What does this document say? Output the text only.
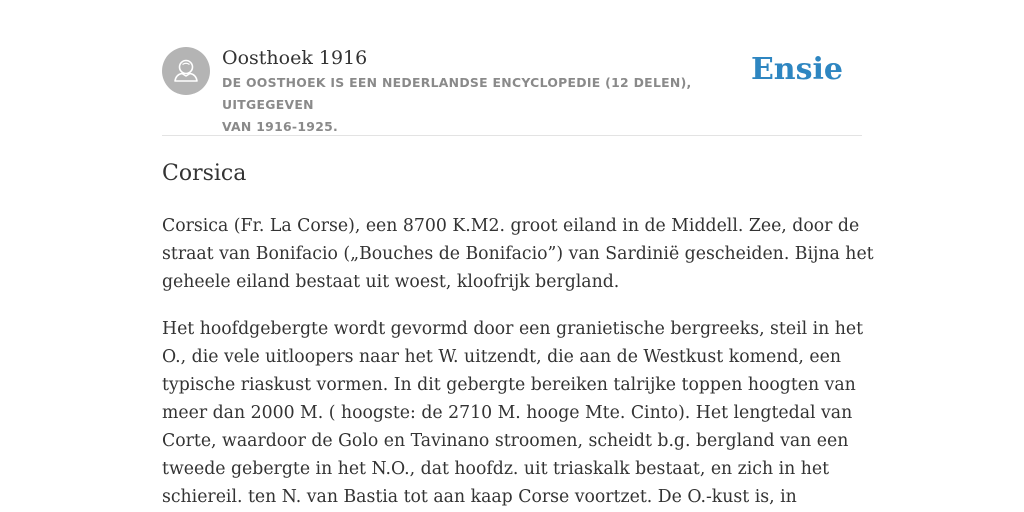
Oosthoek 1916
DE OOSTHOEK IS EEN NEDERLANDSE ENCYCLOPEDIE (12 DELEN), UITGEGEVEN
VAN 1916-1925.
Ensie
Corsica

Corsica (Fr. La Corse), een 8700 K.M2. groot eiland in de Middell. Zee, door de
straat van Bonifacio („Bouches de Bonifacio”) van Sardinië gescheiden. Bijna het
geheele eiland bestaat uit woest, kloofrijk bergland.

Het hoofdgebergte wordt gevormd door een granietische bergreeks, steil in het
O., die vele uitloopers naar het W. uitzendt, die aan de Westkust komend, een
typische riaskust vormen. In dit gebergte bereiken talrijke toppen hoogten van
meer dan 2000 M. ( hoogste: de 2710 M. hooge Mte. Cinto). Het lengtedal van
Corte, waardoor de Golo en Tavinano stroomen, scheidt b.g. bergland van een
tweede gebergte in het N.O., dat hoofdz. uit triaskalk bestaat, en zich in het
schiereil. ten N. van Bastia tot aan kaap Corse voortzet. De O.-kust is, in
